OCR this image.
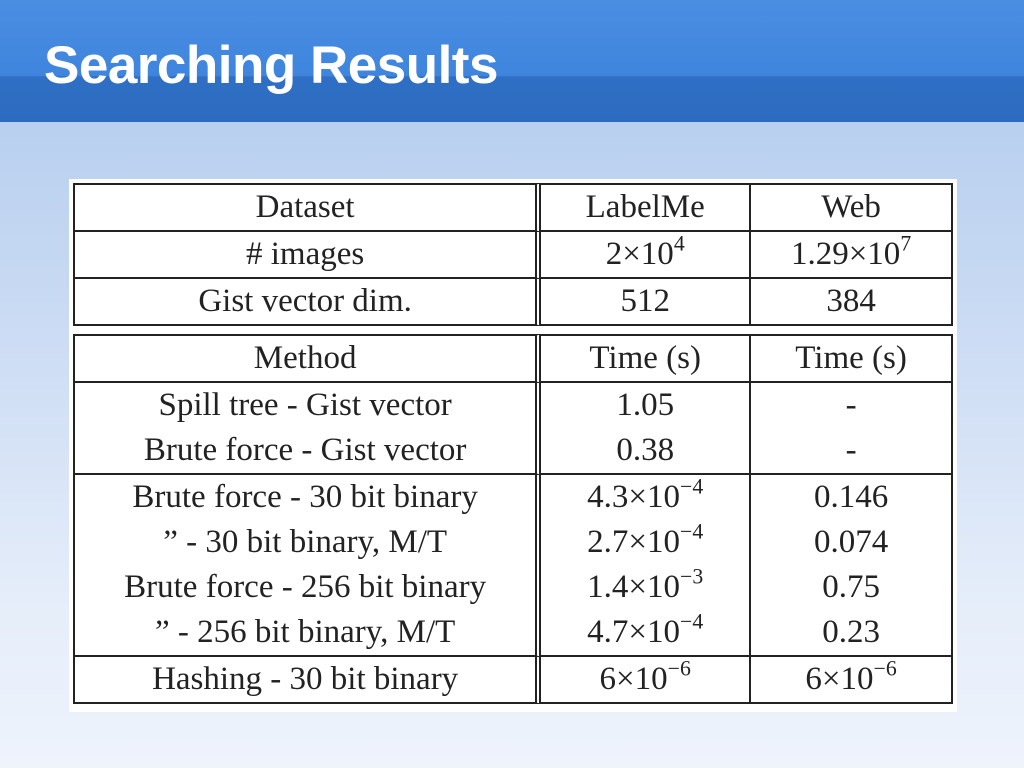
Searching Results
Dataset	LabelMe	Web
# images	$2\times 10^4$	$1.29\times 10^7$
Gist vector dim.	512	384
Method	Time (s)	Time (s)
Spill tree - Gist vector	1.05	-
Brute force - Gist vector	0.38	-
Brute force - 30 bit binary	$4.3\times 10^{-4}$	0.146
” - 30 bit binary, M/T	$2.7\times 10^{-4}$	0.074
Brute force - 256 bit binary	$1.4\times 10^{-3}$	0.75
” - 256 bit binary, M/T	$4.7\times 10^{-4}$	0.23
Hashing - 30 bit binary	$6\times 10^{-6}$	$6\times 10^{-6}$
